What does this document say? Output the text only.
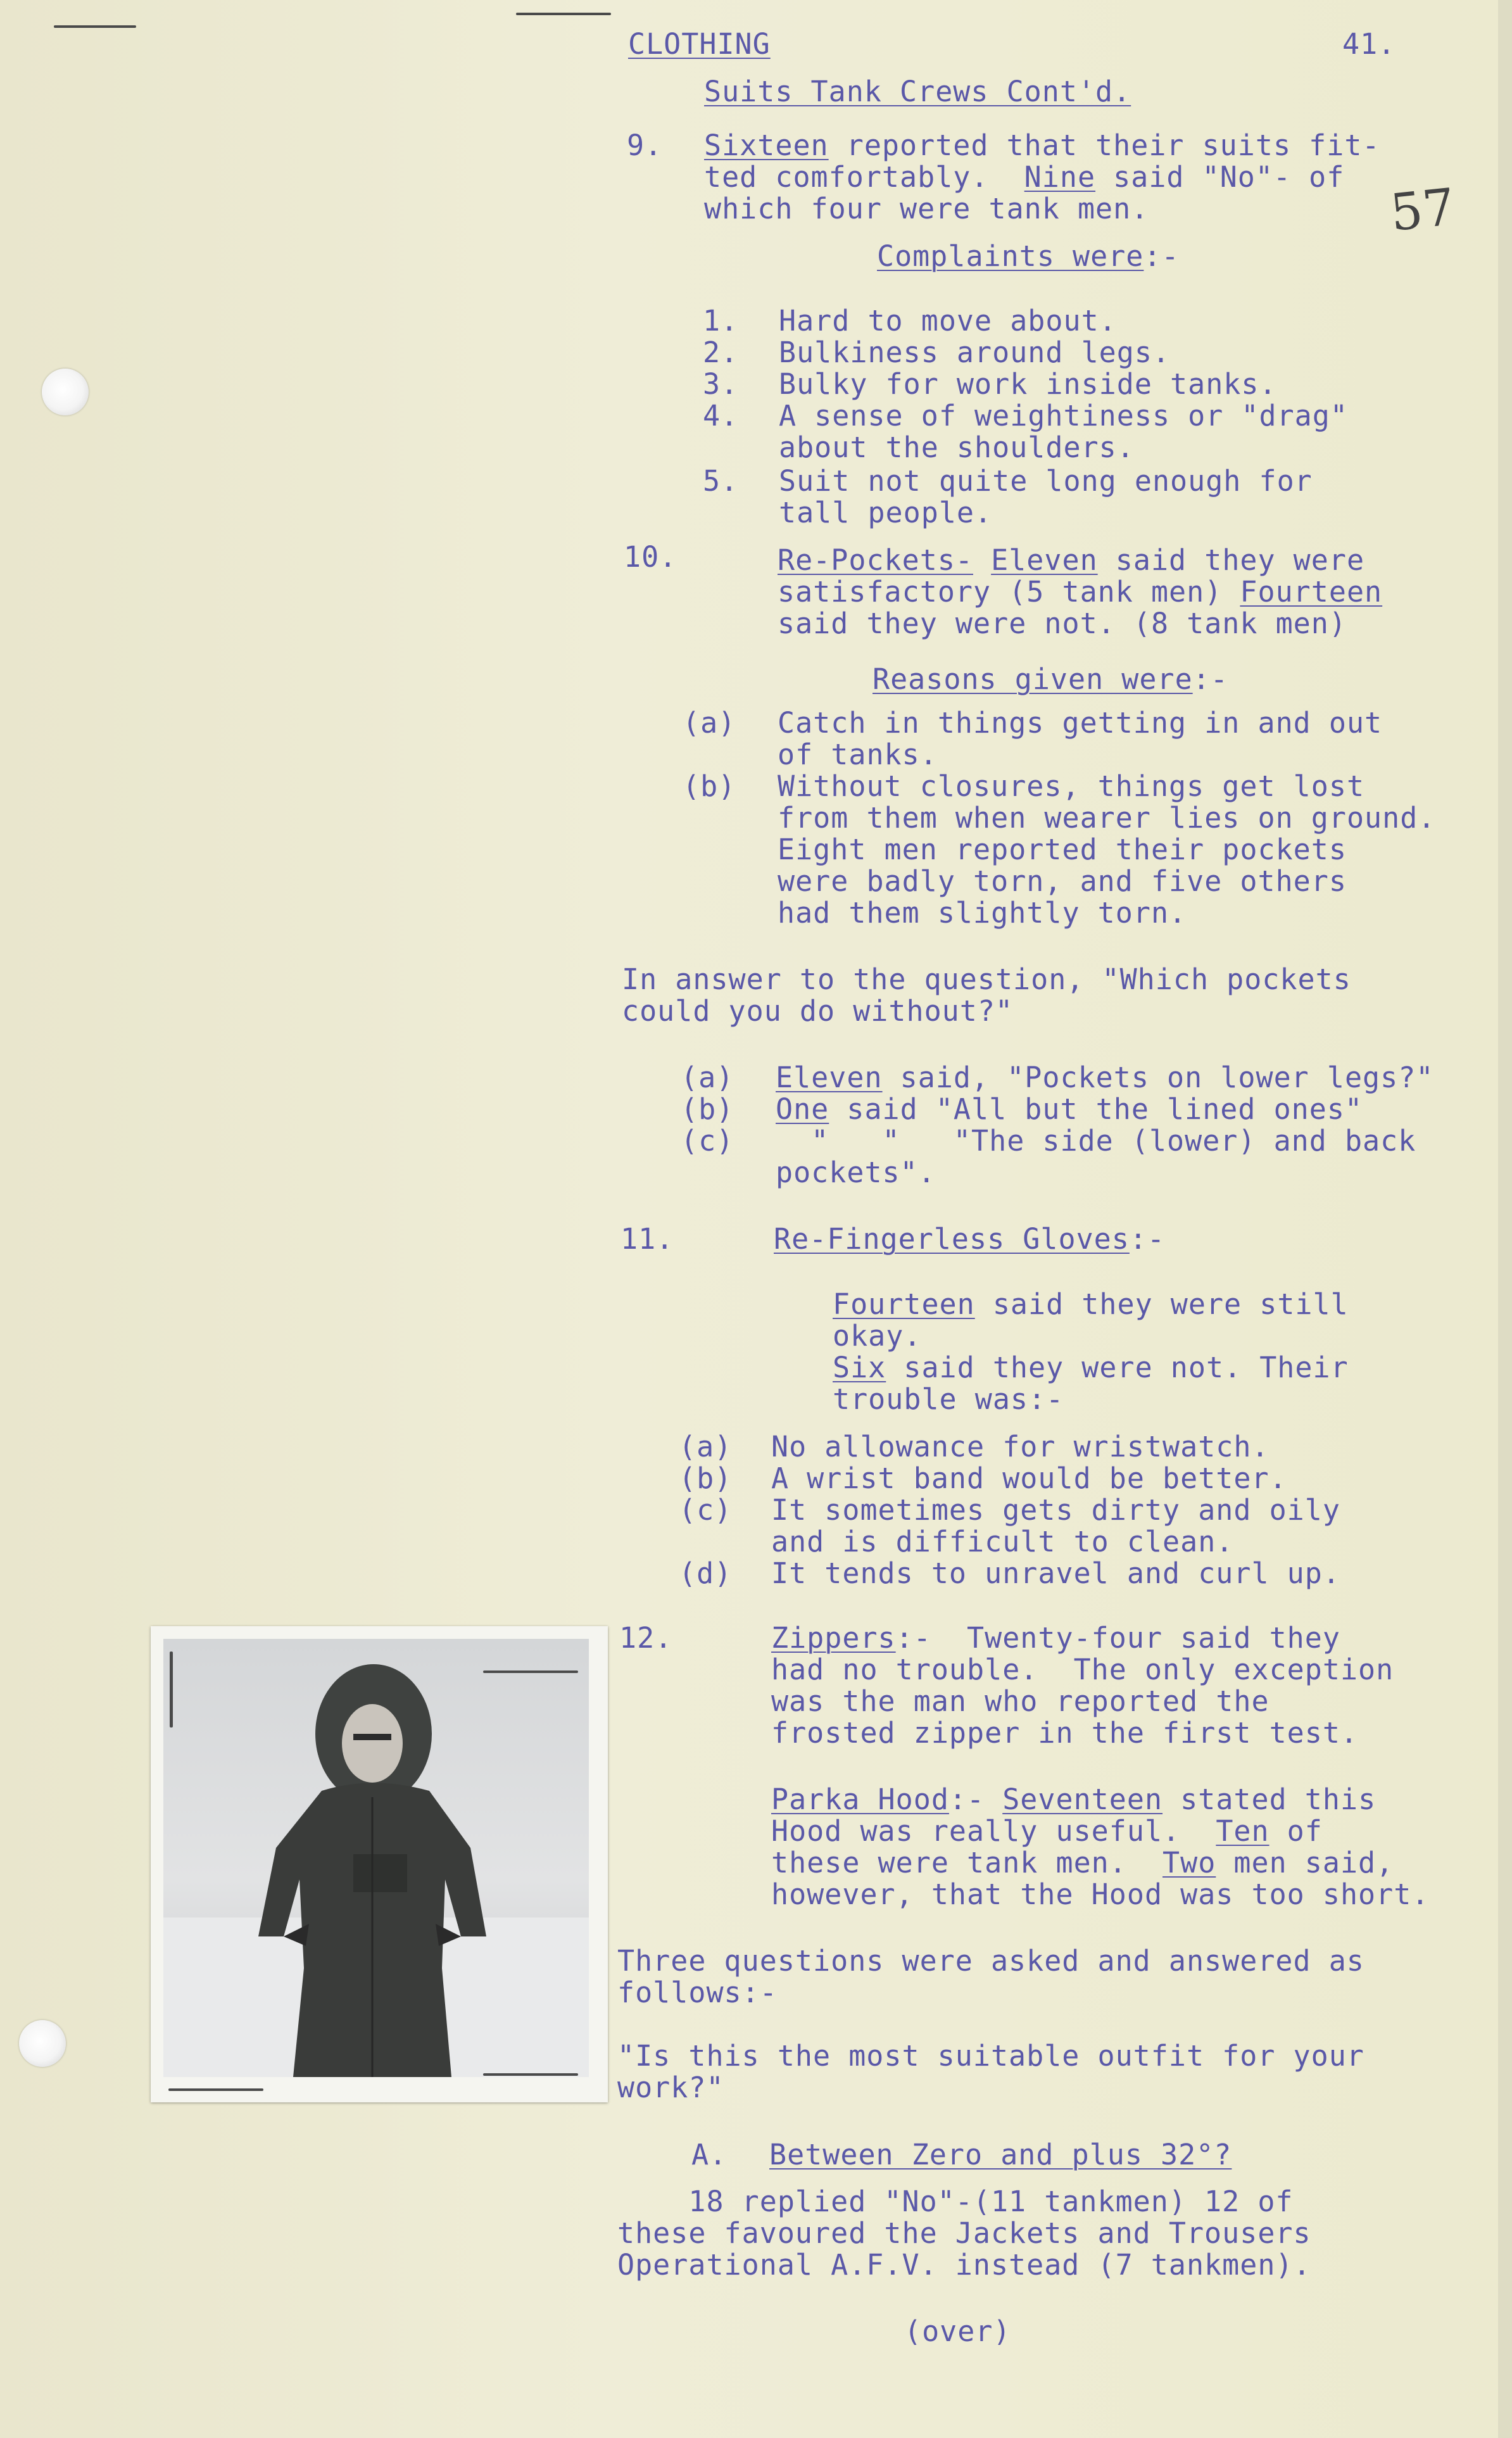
57
CLOTHING	41.
Suits Tank Crews Cont'd.
9. Sixteen reported that their suits fit-
ted comfortably.  Nine said "No"- of
which four were tank men.
Complaints were:-
1. Hard to move about.
2. Bulkiness around legs.
3. Bulky for work inside tanks.
4. A sense of weightiness or "drag"
about the shoulders.
5. Suit not quite long enough for
tall people.
10.	Re-Pockets- Eleven said they were
satisfactory (5 tank men) Fourteen
said they were not. (8 tank men)
Reasons given were:-
(a) Catch in things getting in and out
of tanks.
(b) Without closures, things get lost
from them when wearer lies on ground.
Eight men reported their pockets
were badly torn, and five others
had them slightly torn.
In answer to the question, "Which pockets
could you do without?"
(a) Eleven said, "Pockets on lower legs?"
(b) One said "All but the lined ones"
(c) "   "   "The side (lower) and back
pockets".
11.	Re-Fingerless Gloves:-
Fourteen said they were still
okay.
Six said they were not. Their
trouble was:-
(a) No allowance for wristwatch.
(b) A wrist band would be better.
(c) It sometimes gets dirty and oily
and is difficult to clean.
(d) It tends to unravel and curl up.
12.	Zippers:-  Twenty-four said they
had no trouble.  The only exception
was the man who reported the
frosted zipper in the first test.
Parka Hood:- Seventeen stated this
Hood was really useful.  Ten of
these were tank men.  Two men said,
however, that the Hood was too short.
Three questions were asked and answered as
follows:-
"Is this the most suitable outfit for your
work?"
A. Between Zero and plus 32°?
18 replied "No"-(11 tankmen) 12 of
these favoured the Jackets and Trousers
Operational A.F.V. instead (7 tankmen).
(over)
